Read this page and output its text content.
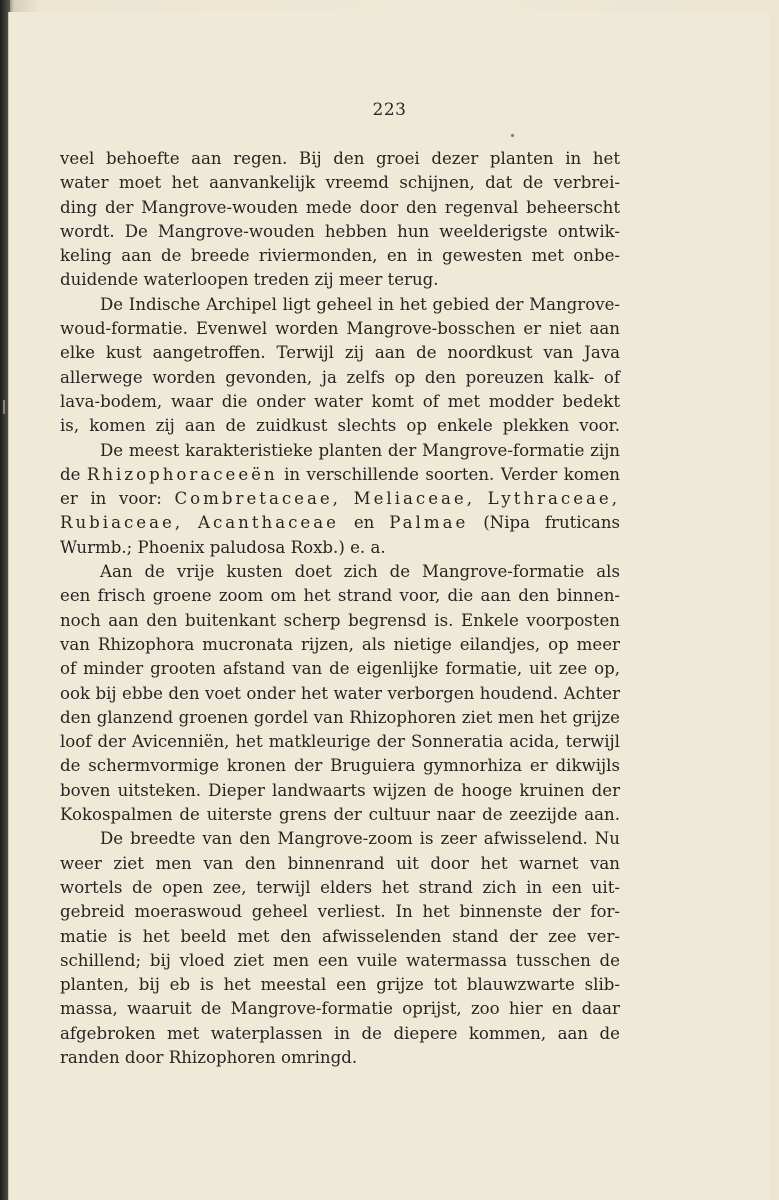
223
veel behoefte aan regen. Bij den groei dezer planten in het
water moet het aanvankelijk vreemd schijnen, dat de verbrei-
ding der Mangrove-wouden mede door den regenval beheerscht
wordt. De Mangrove-wouden hebben hun weelderigste ontwik-
keling aan de breede riviermonden, en in gewesten met onbe-
duidende waterloopen treden zij meer terug.
De Indische Archipel ligt geheel in het gebied der Mangrove-
woud-formatie. Evenwel worden Mangrove-bosschen er niet aan
elke kust aangetroffen. Terwijl zij aan de noordkust van Java
allerwege worden gevonden, ja zelfs op den poreuzen kalk- of
lava-bodem, waar die onder water komt of met modder bedekt
is, komen zij aan de zuidkust slechts op enkele plekken voor.
De meest karakteristieke planten der Mangrove-formatie zijn
de Rhizophoraceeën in verschillende soorten. Verder komen
er in voor: Combretaceae, Meliaceae, Lythraceae,
Rubiaceae, Acanthaceae en Palmae (Nipa fruticans
Wurmb.; Phoenix paludosa Roxb.) e. a.
Aan de vrije kusten doet zich de Mangrove-formatie als
een frisch groene zoom om het strand voor, die aan den binnen-
noch aan den buitenkant scherp begrensd is. Enkele voorposten
van Rhizophora mucronata rijzen, als nietige eilandjes, op meer
of minder grooten afstand van de eigenlijke formatie, uit zee op,
ook bij ebbe den voet onder het water verborgen houdend. Achter
den glanzend groenen gordel van Rhizophoren ziet men het grijze
loof der Avicenniën, het matkleurige der Sonneratia acida, terwijl
de schermvormige kronen der Bruguiera gymnorhiza er dikwijls
boven uitsteken. Dieper landwaarts wijzen de hooge kruinen der
Kokospalmen de uiterste grens der cultuur naar de zeezijde aan.
De breedte van den Mangrove-zoom is zeer afwisselend. Nu
weer ziet men van den binnenrand uit door het warnet van
wortels de open zee, terwijl elders het strand zich in een uit-
gebreid moeraswoud geheel verliest. In het binnenste der for-
matie is het beeld met den afwisselenden stand der zee ver-
schillend; bij vloed ziet men een vuile watermassa tusschen de
planten, bij eb is het meestal een grijze tot blauwzwarte slib-
massa, waaruit de Mangrove-formatie oprijst, zoo hier en daar
afgebroken met waterplassen in de diepere kommen, aan de
randen door Rhizophoren omringd.
